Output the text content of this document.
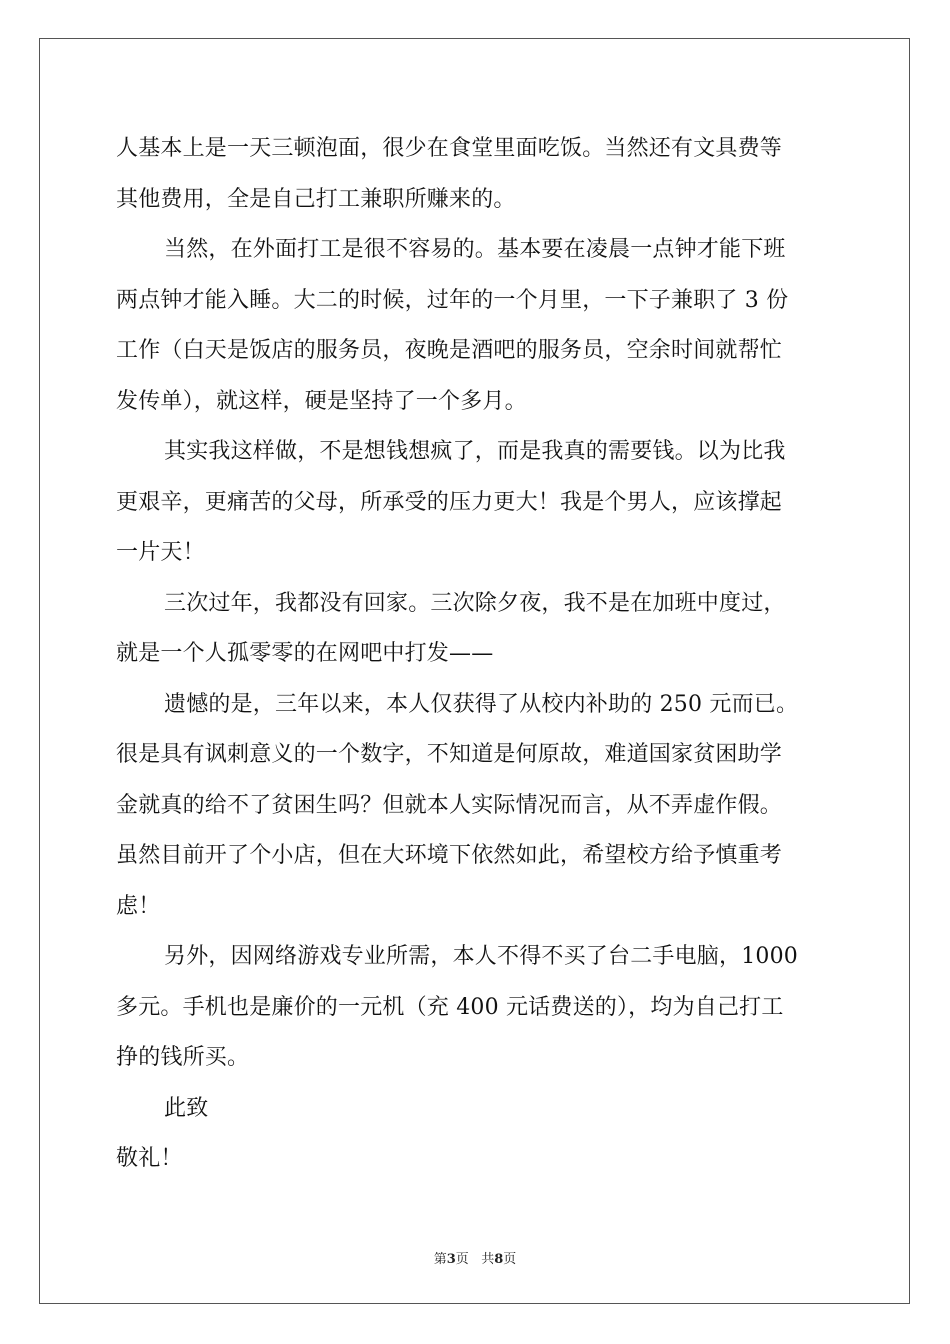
人基本上是一天三顿泡面，很少在食堂里面吃饭。当然还有文具费等
其他费用，全是自己打工兼职所赚来的。
当然，在外面打工是很不容易的。基本要在凌晨一点钟才能下班
两点钟才能入睡。大二的时候，过年的一个月里，一下子兼职了 3 份
工作（白天是饭店的服务员，夜晚是酒吧的服务员，空余时间就帮忙
发传单），就这样，硬是坚持了一个多月。
其实我这样做，不是想钱想疯了，而是我真的需要钱。以为比我
更艰辛，更痛苦的父母，所承受的压力更大！我是个男人，应该撑起
一片天！
三次过年，我都没有回家。三次除夕夜，我不是在加班中度过，
就是一个人孤零零的在网吧中打发——
遗憾的是，三年以来，本人仅获得了从校内补助的 250 元而已。
很是具有讽刺意义的一个数字，不知道是何原故，难道国家贫困助学
金就真的给不了贫困生吗？但就本人实际情况而言，从不弄虚作假。
虽然目前开了个小店，但在大环境下依然如此，希望校方给予慎重考
虑！
另外，因网络游戏专业所需，本人不得不买了台二手电脑，1000
多元。手机也是廉价的一元机（充 400 元话费送的），均为自己打工
挣的钱所买。
此致
敬礼！
第3页 共8页
